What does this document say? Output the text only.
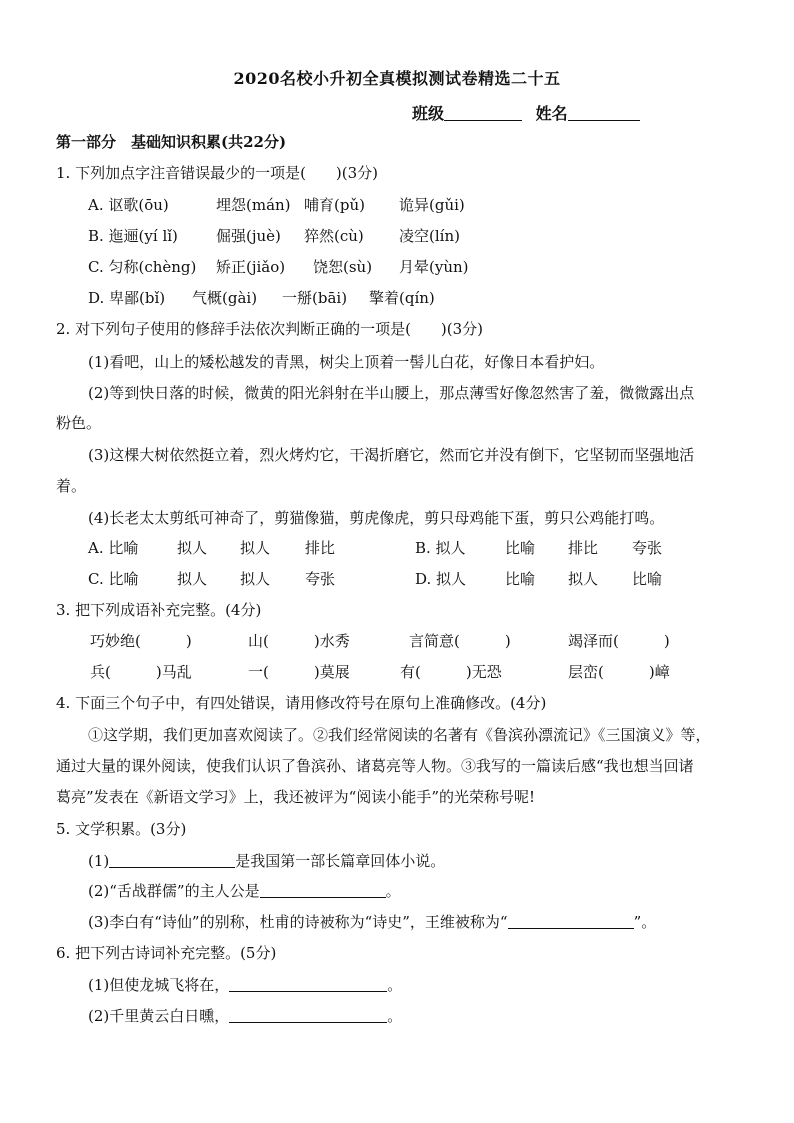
2020名校小升初全真模拟测试卷精选二十五
班级	姓名
第一部分　基础知识积累(共22分)
1. 下列加点字注音错误最少的一项是(　　)(3分)
A. 讴歌(ōu)	埋怨(mán) 哺育(pǔ) 诡异(gǔi)
B. 迤逦(yí lǐ)	倔强(juè) 猝然(cù) 凌空(lín)
C. 匀称(chèng) 矫正(jiǎo) 饶恕(sù) 月晕(yùn)
D. 卑鄙(bǐ) 气概(gài) 一掰(bāi) 擎着(qín)
2. 对下列句子使用的修辞手法依次判断正确的一项是(　　)(3分)
(1)看吧，山上的矮松越发的青黑，树尖上顶着一髻儿白花，好像日本看护妇。
(2)等到快日落的时候，微黄的阳光斜射在半山腰上，那点薄雪好像忽然害了羞，微微露出点
粉色。
(3)这棵大树依然挺立着，烈火烤灼它，干渴折磨它，然而它并没有倒下，它坚韧而坚强地活
着。
(4)长老太太剪纸可神奇了，剪猫像猫，剪虎像虎，剪只母鸡能下蛋，剪只公鸡能打鸣。
A. 比喻	拟人 拟人 排比	B. 拟人	比喻 排比 夸张
C. 比喻	拟人 拟人 夸张	D. 拟人	比喻 拟人 比喻
3. 把下列成语补充完整。(4分)
巧妙绝(　　　)	山(　　　)水秀	言简意(　　　)	竭泽而(　　　)
兵(　　　)马乱	一(　　　)莫展	有(　　　)无恐	层峦(　　　)嶂
4. 下面三个句子中，有四处错误，请用修改符号在原句上准确修改。(4分)
①这学期，我们更加喜欢阅读了。②我们经常阅读的名著有《鲁滨孙漂流记》《三国演义》等，
通过大量的课外阅读，使我们认识了鲁滨孙、诸葛亮等人物。③我写的一篇读后感“我也想当回诸
葛亮”发表在《新语文学习》上，我还被评为“阅读小能手”的光荣称号呢!
5. 文学积累。(3分)
(1)	是我国第一部长篇章回体小说。
(2)“舌战群儒”的主人公是	。
(3)李白有“诗仙”的别称，杜甫的诗被称为“诗史”，王维被称为“	”。
6. 把下列古诗词补充完整。(5分)
(1)但使龙城飞将在，	。
(2)千里黄云白日曛，	。
